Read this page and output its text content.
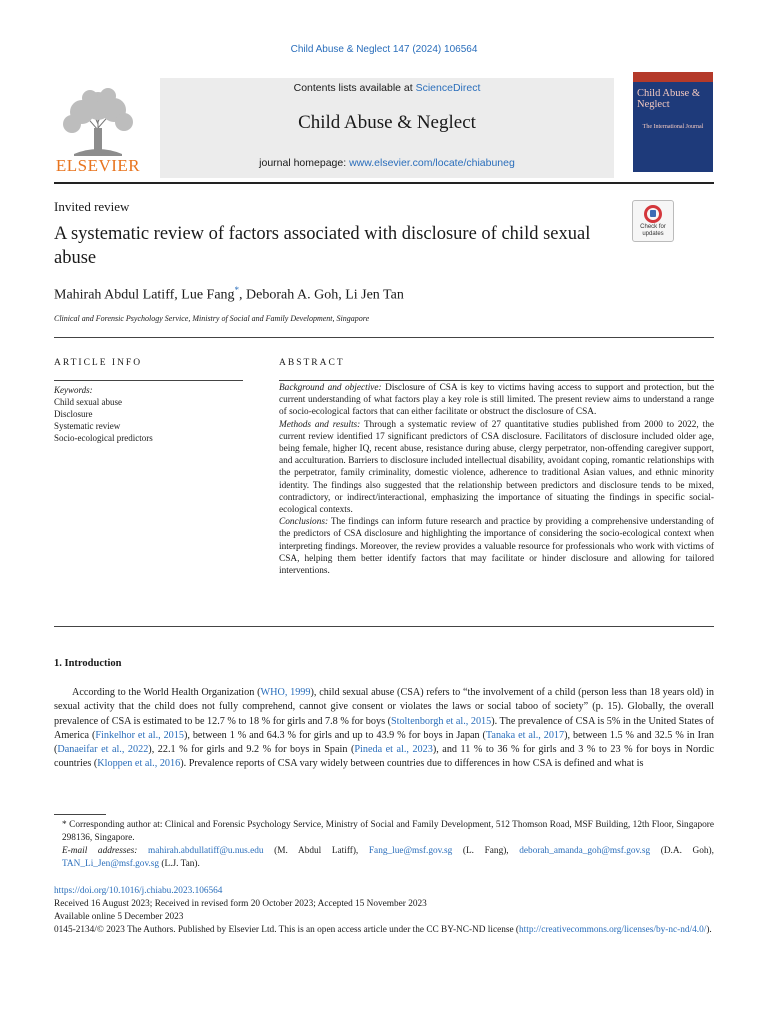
Child Abuse & Neglect 147 (2024) 106564
Contents lists available at ScienceDirect
Child Abuse & Neglect
journal homepage: www.elsevier.com/locate/chiabuneg
ELSEVIER
Child Abuse & Neglect
The International Journal
Invited review
A systematic review of factors associated with disclosure of child sexual abuse
Check for updates
Mahirah Abdul Latiff, Lue Fang*, Deborah A. Goh, Li Jen Tan
Clinical and Forensic Psychology Service, Ministry of Social and Family Development, Singapore
ARTICLE INFO
Keywords:
Child sexual abuse
Disclosure
Systematic review
Socio-ecological predictors
ABSTRACT

Background and objective: Disclosure of CSA is key to victims having access to support and protection, but the current understanding of what factors play a key role is still limited. The present review aims to understand a range of socio-ecological factors that can either facilitate or obstruct the disclosure of CSA.

Methods and results: Through a systematic review of 27 quantitative studies published from 2000 to 2022, the current review identified 17 significant predictors of CSA disclosure. Facilitators of disclosure included older age, being female, higher IQ, recent abuse, resistance during abuse, clergy perpetrator, non-offending caregiver support, and acculturation. Barriers to disclosure included intellectual disability, avoidant coping, romantic relationships with the perpetrator, family criminality, domestic violence, adherence to traditional Asian values, and ethnic minority identity. The findings also suggested that the relationship between predictors and disclosure tends to be mixed, contradictory, or indirect/interactional, emphasizing the importance of situating the findings in specific social-ecological contexts.

Conclusions: The findings can inform future research and practice by providing a comprehensive understanding of the predictors of CSA disclosure and highlighting the importance of considering the socio-ecological context when interpreting findings. Moreover, the review provides a valuable resource for professionals who work with victims of CSA, helping them better identify factors that may facilitate or hinder disclosure and allowing for tailored interventions.

1. Introduction

According to the World Health Organization (WHO, 1999), child sexual abuse (CSA) refers to “the involvement of a child (person less than 18 years old) in sexual activity that the child does not fully comprehend, cannot give consent or violates the laws or social taboo of society” (p. 15). Globally, the overall prevalence of CSA is estimated to be 12.7 % to 18 % for girls and 7.8 % for boys (Stoltenborgh et al., 2015). The prevalence of CSA is 5% in the United States of America (Finkelhor et al., 2015), between 1 % and 64.3 % for girls and up to 43.9 % for boys in Japan (Tanaka et al., 2017), between 1.5 % and 32.5 % in Iran (Danaeifar et al., 2022), 22.1 % for girls and 9.2 % for boys in Spain (Pineda et al., 2023), and 11 % to 36 % for girls and 3 % to 23 % for boys in Nordic countries (Kloppen et al., 2016). Prevalence reports of CSA vary widely between countries due to differences in how CSA is defined and what is

* Corresponding author at: Clinical and Forensic Psychology Service, Ministry of Social and Family Development, 512 Thomson Road, MSF Building, 12th Floor, Singapore 298136, Singapore.

E-mail addresses: mahirah.abdullatiff@u.nus.edu (M. Abdul Latiff), Fang_lue@msf.gov.sg (L. Fang), deborah_amanda_goh@msf.gov.sg (D.A. Goh), TAN_Li_Jen@msf.gov.sg (L.J. Tan).

https://doi.org/10.1016/j.chiabu.2023.106564

Received 16 August 2023; Received in revised form 20 October 2023; Accepted 15 November 2023

Available online 5 December 2023

0145-2134/© 2023 The Authors. Published by Elsevier Ltd. This is an open access article under the CC BY-NC-ND license (http://creativecommons.org/licenses/by-nc-nd/4.0/).
